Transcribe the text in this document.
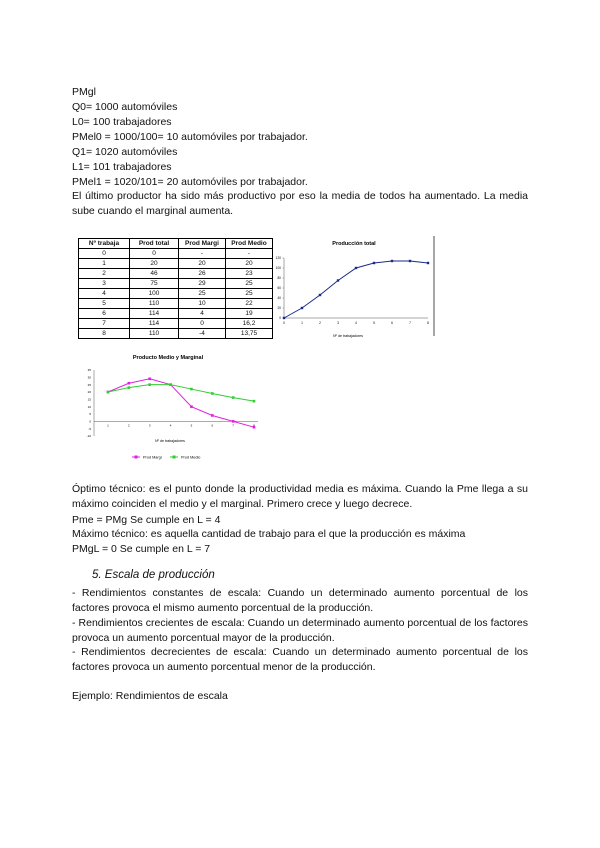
PMgl
Q0= 1000 automóviles
L0= 100 trabajadores
PMel0 = 1000/100= 10 automóviles por trabajador.
Q1= 1020 automóviles
L1= 101 trabajadores
PMel1 = 1020/101= 20 automóviles por trabajador.
El último productor ha sido más productivo por eso la media de todos ha aumentado. La media sube cuando el marginal aumenta.
Nº trabaja	Prod total	Prod Margi	Prod Medio
0	0	-	-
1	20	20	20
2	46	26	23
3	75	29	25
4	100	25	25
5	110	10	22
6	114	4	19
7	114	0	16,2
8	110	-4	13,75
Producción total
0
20
40
60
80
100
120
0	1	2	3	4	5	6	7	8
Nº de trabajadores
Producto Medio y Marginal
-10
-5
0
5
10
15
20
25
30
35
1	2	3	4	5	6	7	8
Nº de trabajadores
Prod Margi	Prod Medio
Óptimo técnico: es el punto donde la productividad media es máxima. Cuando la Pme llega a su máximo coinciden el medio y el marginal. Primero crece y luego decrece.
Pme = PMg Se cumple en L = 4
Máximo técnico: es aquella cantidad de trabajo para el que la producción es máxima
PMgL = 0 Se cumple en L = 7
5. Escala de producción
- Rendimientos constantes de escala: Cuando un determinado aumento porcentual de los factores provoca el mismo aumento porcentual de la producción.
- Rendimientos crecientes de escala: Cuando un determinado aumento porcentual de los factores provoca un aumento porcentual mayor de la producción.
- Rendimientos decrecientes de escala: Cuando un determinado aumento porcentual de los factores provoca un aumento porcentual menor de la producción.
Ejemplo: Rendimientos de escala
